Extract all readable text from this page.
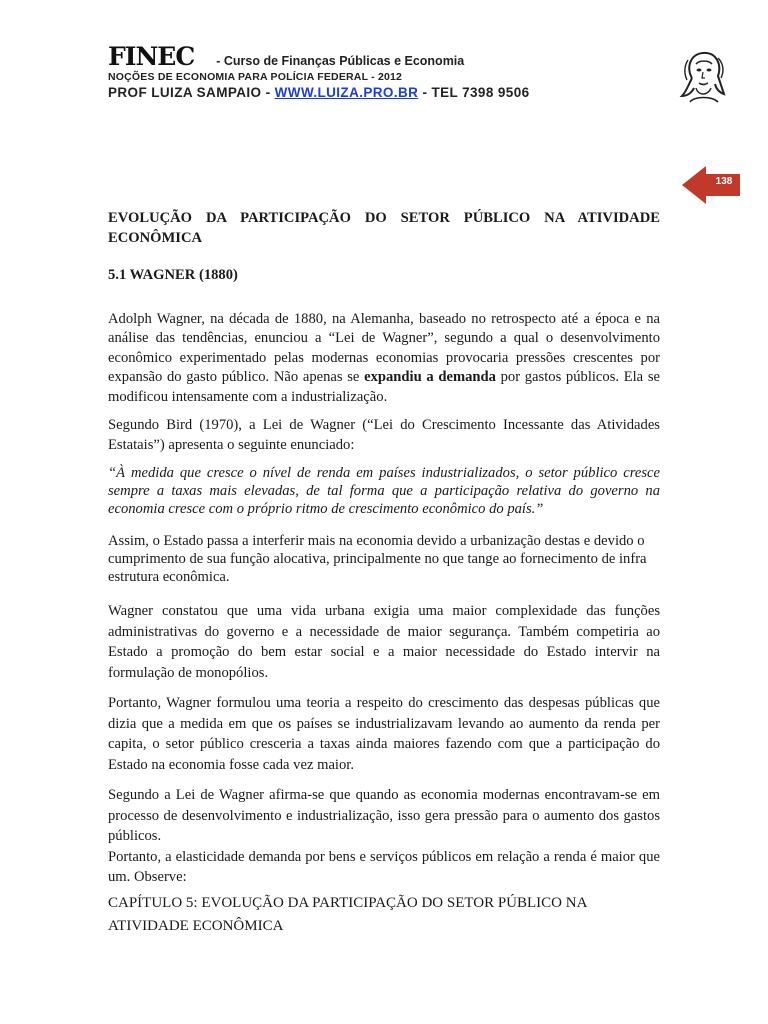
FINEC - Curso de Finanças Públicas e Economia
NOÇÕES DE ECONOMIA PARA POLÍCIA FEDERAL - 2012
PROF LUIZA SAMPAIO - WWW.LUIZA.PRO.BR - TEL 7398 9506
138

EVOLUÇÃO DA PARTICIPAÇÃO DO SETOR PÚBLICO NA ATIVIDADE ECONÔMICA

5.1 WAGNER (1880)

Adolph Wagner, na década de 1880, na Alemanha, baseado no retrospecto até a época e na análise das tendências, enunciou a “Lei de Wagner”, segundo a qual o desenvolvimento econômico experimentado pelas modernas economias provocaria pressões crescentes por expansão do gasto público. Não apenas se expandiu a demanda por gastos públicos. Ela se modificou intensamente com a industrialização.

Segundo Bird (1970), a Lei de Wagner (“Lei do Crescimento Incessante das Atividades Estatais”) apresenta o seguinte enunciado:

“À medida que cresce o nível de renda em países industrializados, o setor público cresce sempre a taxas mais elevadas, de tal forma que a participação relativa do governo na economia cresce com o próprio ritmo de crescimento econômico do país.”

Assim, o Estado passa a interferir mais na economia devido a urbanização destas e devido o cumprimento de sua função alocativa, principalmente no que tange ao fornecimento de infra estrutura econômica.

Wagner constatou que uma vida urbana exigia uma maior complexidade das funções administrativas do governo e a necessidade de maior segurança. Também competiria ao Estado a promoção do bem estar social e a maior necessidade do Estado intervir na formulação de monopólios.

Portanto, Wagner formulou uma teoria a respeito do crescimento das despesas públicas que dizia que a medida em que os países se industrializavam levando ao aumento da renda per capita, o setor público cresceria a taxas ainda maiores fazendo com que a participação do Estado na economia fosse cada vez maior.

Segundo a Lei de Wagner afirma-se que quando as economia modernas encontravam-se em processo de desenvolvimento e industrialização, isso gera pressão para o aumento dos gastos públicos.

Portanto, a elasticidade demanda por bens e serviços públicos em relação a renda é maior que um. Observe:

CAPÍTULO 5: EVOLUÇÃO DA PARTICIPAÇÃO DO SETOR PÚBLICO NA ATIVIDADE ECONÔMICA
